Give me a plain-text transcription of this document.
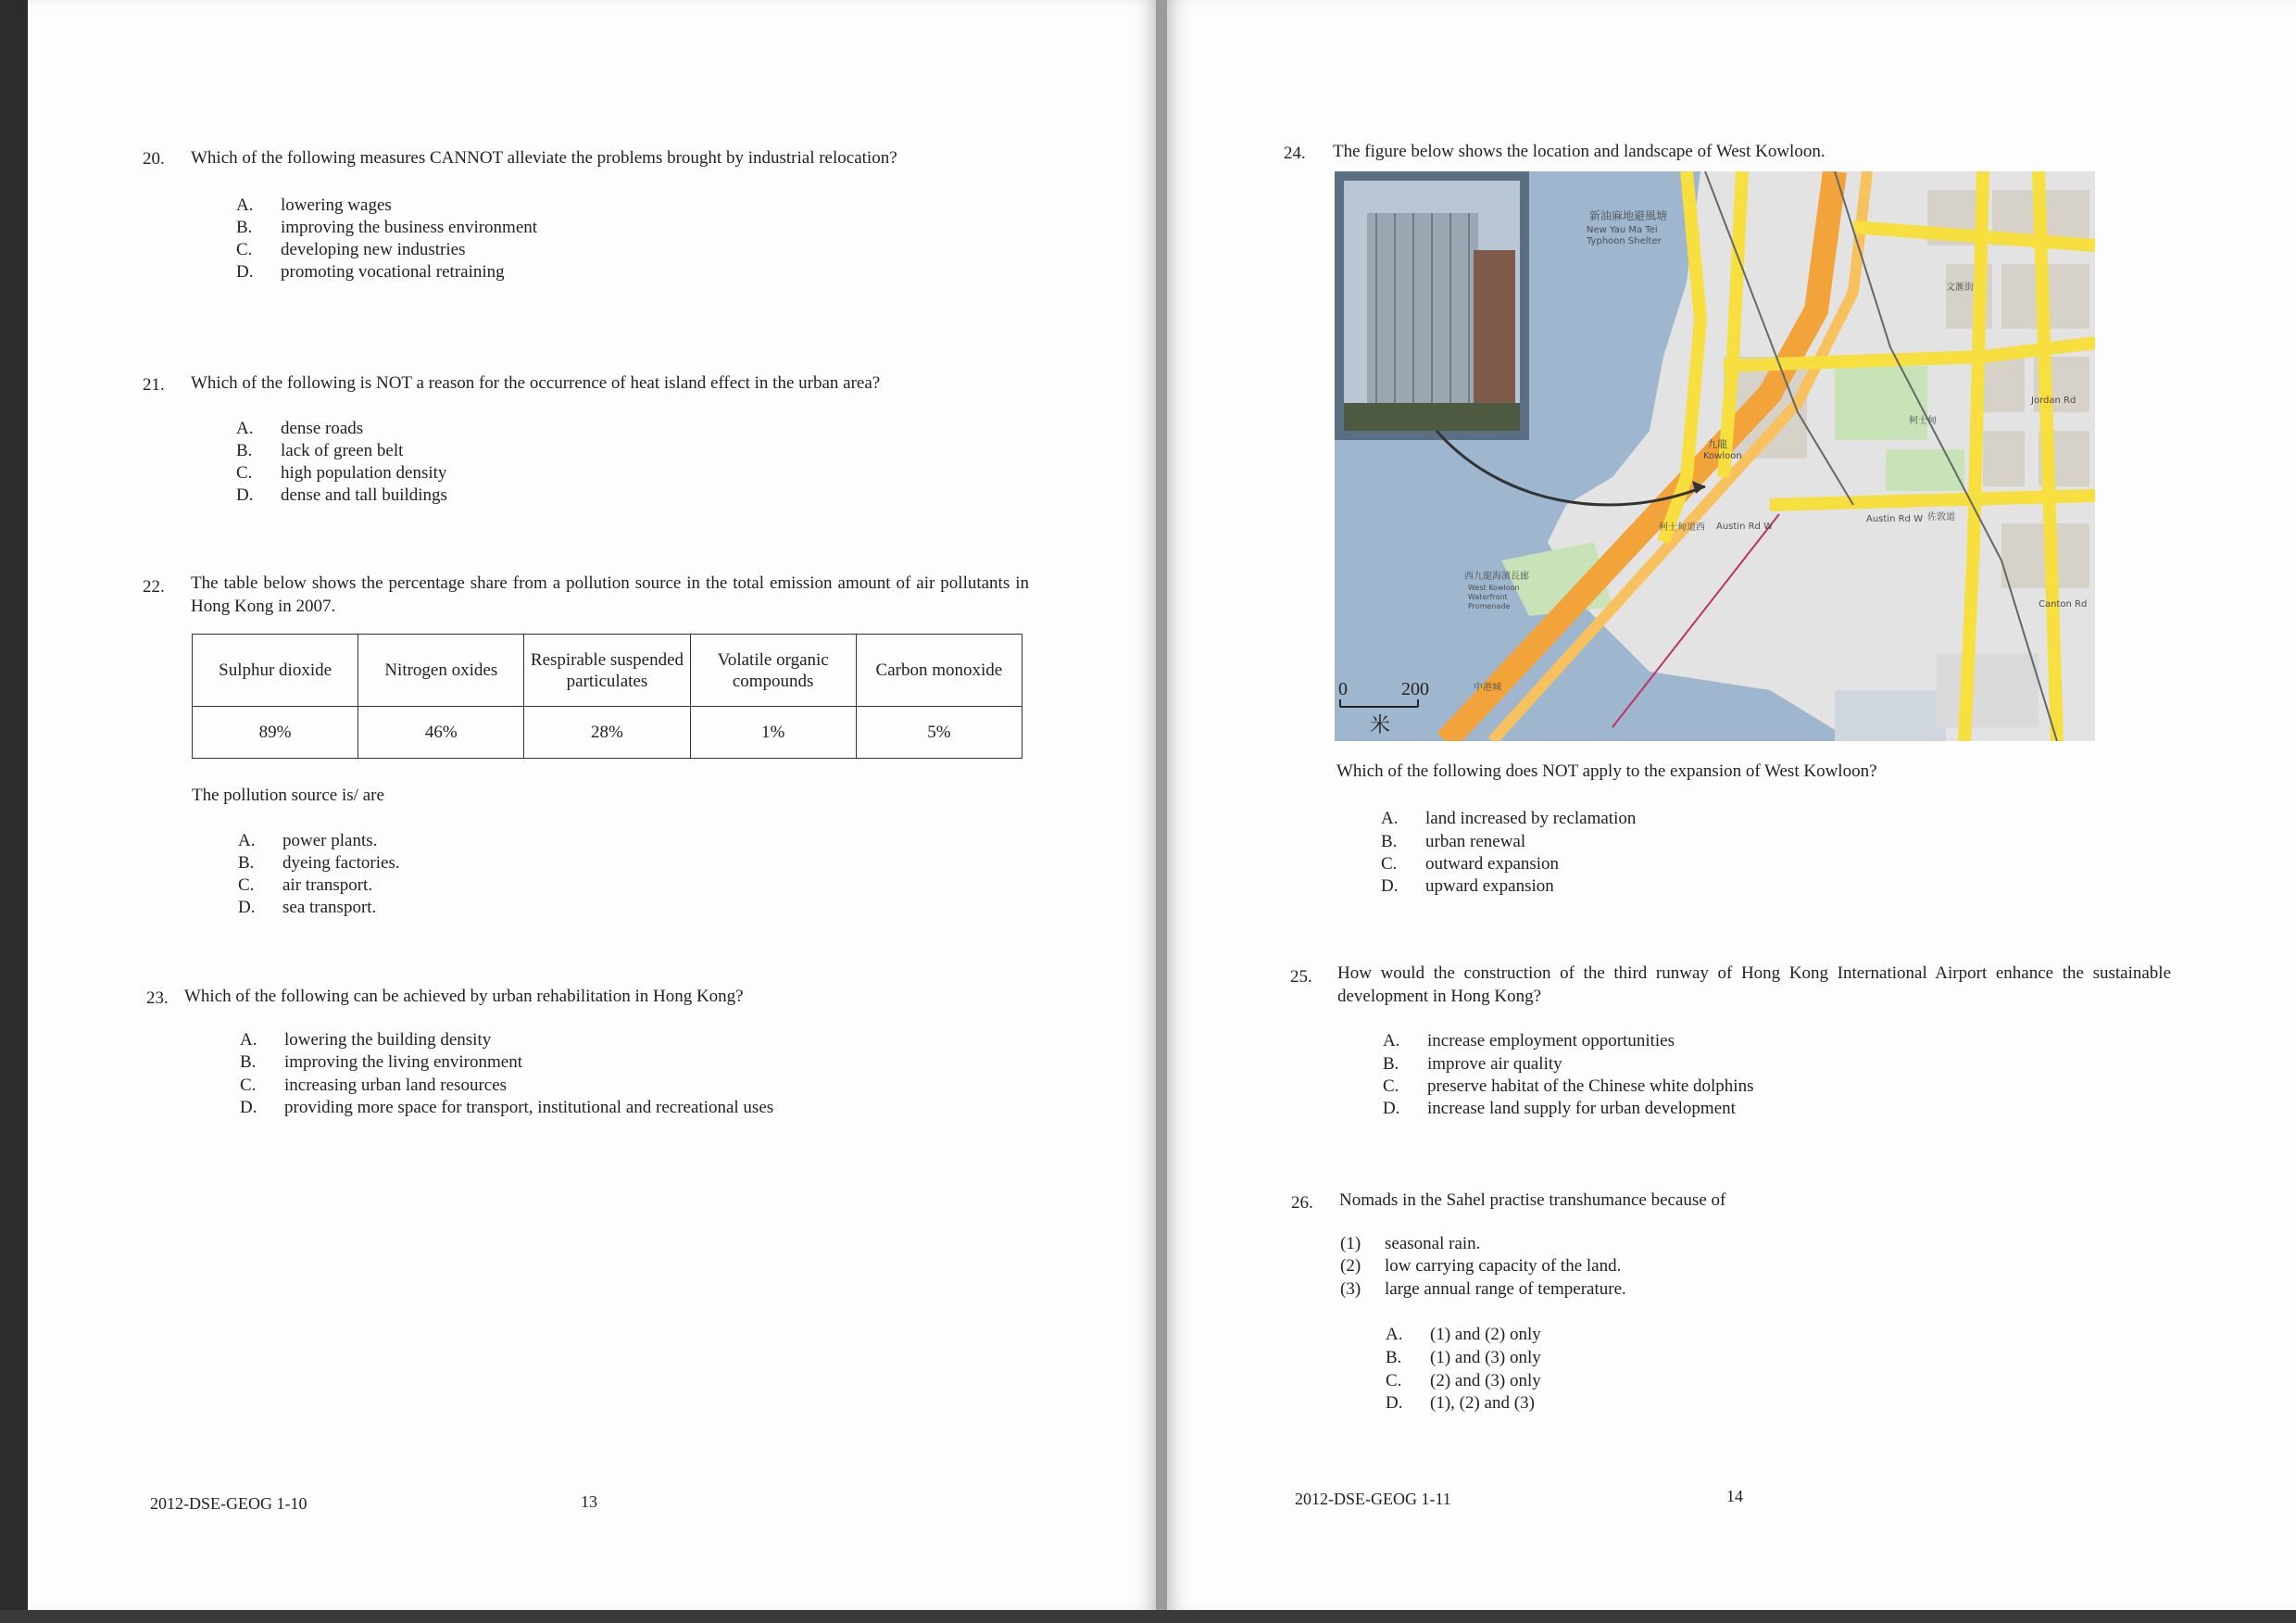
20. Which of the following measures CANNOT alleviate the problems brought by industrial relocation?
A.	lowering wages
B.	improving the business environment
C.	developing new industries
D.	promoting vocational retraining
21. Which of the following is NOT a reason for the occurrence of heat island effect in the urban area?
A.	dense roads
B.	lack of green belt
C.	high population density
D.	dense and tall buildings
22. The table below shows the percentage share from a pollution source in the total emission amount of air pollutants in Hong Kong in 2007.
Sulphur dioxide	Nitrogen oxides	Respirable suspended particulates	Volatile organic compounds	Carbon monoxide
89%	46%	28%	1%	5%
The pollution source is/ are
A.	power plants.
B.	dyeing factories.
C.	air transport.
D.	sea transport.
23. Which of the following can be achieved by urban rehabilitation in Hong Kong?
A.	lowering the building density
B.	improving the living environment
C.	increasing urban land resources
D.	providing more space for transport, institutional and recreational uses
2012-DSE-GEOG 1-10	13
24. The figure below shows the location and landscape of West Kowloon.
新油麻地避風塘
New Yau Ma Tei
Typhoon Shelter
九龍
Kowloon
西九龍海濱長廊
West Kowloon
Waterfront
Promenade
柯士甸道西 Austin Rd W
Austin Rd W 佐敦道
Jordan Rd
柯士甸
文滙街
Canton Rd
中港城
0	200
米
Which of the following does NOT apply to the expansion of West Kowloon?
A.	land increased by reclamation
B.	urban renewal
C.	outward expansion
D.	upward expansion
25. How would the construction of the third runway of Hong Kong International Airport enhance the sustainable development in Hong Kong?
A.	increase employment opportunities
B.	improve air quality
C.	preserve habitat of the Chinese white dolphins
D.	increase land supply for urban development
26. Nomads in the Sahel practise transhumance because of
(1)	seasonal rain.
(2)	low carrying capacity of the land.
(3)	large annual range of temperature.
A.	(1) and (2) only
B.	(1) and (3) only
C.	(2) and (3) only
D.	(1), (2) and (3)
2012-DSE-GEOG 1-11	14
